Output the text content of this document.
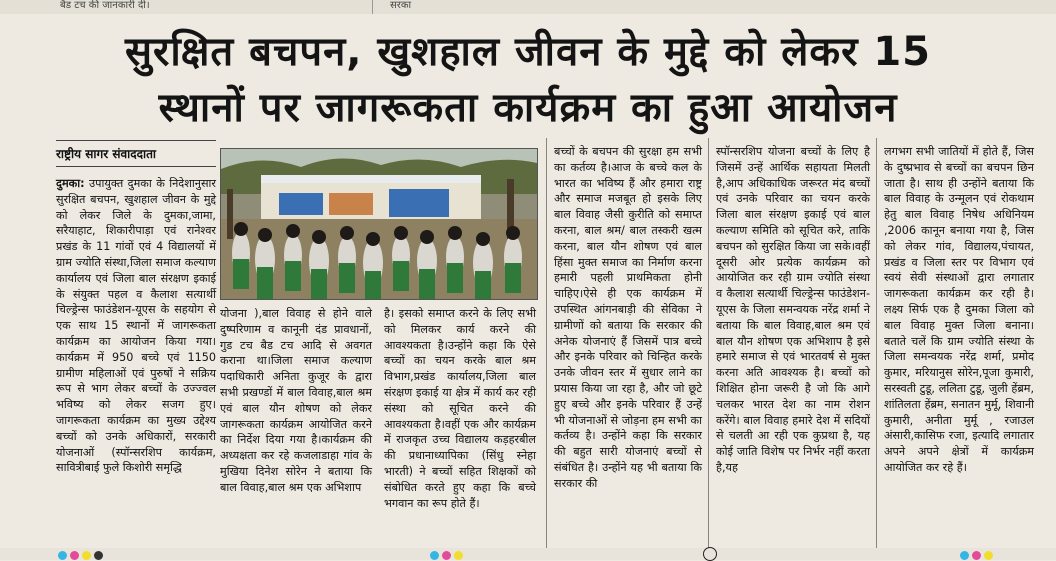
बैड टच की जानकारी दी।	सरका
सुरक्षित बचपन, खुशहाल जीवन के मुद्दे को लेकर 15
स्थानों पर जागरूकता कार्यक्रम का हुआ आयोजन
राष्ट्रीय सागर संवाददाता

दुमका: उपायुक्त दुमका के निदेशानुसार सुरक्षित बचपन, खुशहाल जीवन के मुद्दे को लेकर जिले के दुमका,जामा, सरैयाहाट, शिकारीपाड़ा एवं रानेश्वर प्रखंड के 11 गांवों एवं 4 विद्यालयों में ग्राम ज्योति संस्था,जिला समाज कल्याण कार्यालय एवं जिला बाल संरक्षण इकाई के संयुक्त पहल व कैलाश सत्यार्थी चिल्ड्रेन्स फाउंडेशन-यूएस के सहयोग से एक साथ 15 स्थानों में जागरूकता कार्यक्रम का आयोजन किया गया।कार्यक्रम में 950 बच्चे एवं 1150 ग्रामीण महिलाओं एवं पुरुषों ने सक्रिय रूप से भाग लेकर बच्चों के उज्ज्वल भविष्य को लेकर सजग हुए। जागरूकता कार्यक्रम का मुख्य उद्देश्य बच्चों को उनके अधिकारों, सरकारी योजनाओं (स्पॉन्सरशिप कार्यक्रम, सावित्रीबाई फुले किशोरी समृद्धि

योजना ),बाल विवाह से होने वाले दुष्परिणाम व कानूनी दंड प्रावधानों, गुड टच बैड टच आदि से अवगत कराना था।जिला समाज कल्याण पदाधिकारी अनिता कुजूर के द्वारा सभी प्रखण्डों में बाल विवाह,बाल श्रम एवं बाल यौन शोषण को लेकर जागरूकता कार्यक्रम आयोजित करने का निर्देश दिया गया है।कार्यक्रम की अध्यक्षता कर रहे कजलाडाहा गांव के मुखिया दिनेश सोरेन ने बताया कि बाल विवाह,बाल श्रम एक अभिशाप

है। इसको समाप्त करने के लिए सभी को मिलकर कार्य करने की आवश्यकता है।उन्होंने कहा कि ऐसे बच्चों का चयन करके बाल श्रम विभाग,प्रखंड कार्यालय,जिला बाल संरक्षण इकाई या क्षेत्र में कार्य कर रही संस्था को सूचित करने की आवश्यकता है।वहीं एक और कार्यक्रम में राजकृत उच्च विद्यालय कड़हरबील की प्रधानाध्यापिका (सिंधु स्नेहा भारती) ने बच्चों सहित शिक्षकों को संबोधित करते हुए कहा कि बच्चे भगवान का रूप होते हैं।

बच्चों के बचपन की सुरक्षा हम सभी का कर्तव्य है।आज के बच्चे कल के भारत का भविष्य हैं और हमारा राष्ट्र और समाज मजबूत हो इसके लिए बाल विवाह जैसी कुरीति को समाप्त करना, बाल श्रम/ बाल तस्करी खत्म करना, बाल यौन शोषण एवं बाल हिंसा मुक्त समाज का निर्माण करना हमारी पहली प्राथमिकता होनी चाहिए।ऐसे ही एक कार्यक्रम में उपस्थित आंगनबाड़ी की सेविका ने ग्रामीणों को बताया कि सरकार की अनेक योजनाएं हैं जिसमें पात्र बच्चे और इनके परिवार को चिन्हित करके उनके जीवन स्तर में सुधार लाने का प्रयास किया जा रहा है, और जो छूटे हुए बच्चे और इनके परिवार हैं उन्हें भी योजनाओं से जोड़ना हम सभी का कर्तव्य है। उन्होंने कहा कि सरकार की बहुत सारी योजनाएं बच्चों से संबंधित है। उन्होंने यह भी बताया कि सरकार की

स्पॉन्सरशिप योजना बच्चों के लिए है जिसमें उन्हें आर्थिक सहायता मिलती है,आप अधिकाधिक जरूरत मंद बच्चों एवं उनके परिवार का चयन करके जिला बाल संरक्षण इकाई एवं बाल कल्याण समिति को सूचित करे, ताकि बचपन को सुरक्षित किया जा सके।वहीं दूसरी ओर प्रत्येक कार्यक्रम को आयोजित कर रही ग्राम ज्योति संस्था व कैलाश सत्यार्थी चिल्ड्रेन्स फाउंडेशन-यूएस के जिला समन्वयक नरेंद्र शर्मा ने बताया कि बाल विवाह,बाल श्रम एवं बाल यौन शोषण एक अभिशाप है इसे हमारे समाज से एवं भारतवर्ष से मुक्त करना अति आवश्यक है। बच्चों को शिक्षित होना जरूरी है जो कि आगे चलकर भारत देश का नाम रोशन करेंगे। बाल विवाह हमारे देश में सदियों से चलती आ रही एक कुप्रथा है, यह कोई जाति विशेष पर निर्भर नहीं करता है,यह

लगभग सभी जातियों में होते हैं, जिस के दुष्प्रभाव से बच्चों का बचपन छिन जाता है। साथ ही उन्होंने बताया कि बाल विवाह के उन्मूलन एवं रोकथाम हेतु बाल विवाह निषेध अधिनियम ,2006 कानून बनाया गया है, जिस को लेकर गांव, विद्यालय,पंचायत, प्रखंड व जिला स्तर पर विभाग एवं स्वयं सेवी संस्थाओं द्वारा लगातार जागरूकता कार्यक्रम कर रही है। लक्ष्य सिर्फ एक है दुमका जिला को बाल विवाह मुक्त जिला बनाना। बताते चलें कि ग्राम ज्योति संस्था के जिला समन्वयक नरेंद्र शर्मा, प्रमोद कुमार, मरियानुस सोरेन,पूजा कुमारी, सरस्वती टुडू, ललिता टुडू, जुली हेंब्रम, शांतिलता हेंब्रम, सनातन मुर्मू, शिवानी कुमारी, अनीता मुर्मू , रजाउल अंसारी,कासिफ रजा, इत्यादि लगातार अपने अपने क्षेत्रों में कार्यक्रम आयोजित कर रहे हैं।
